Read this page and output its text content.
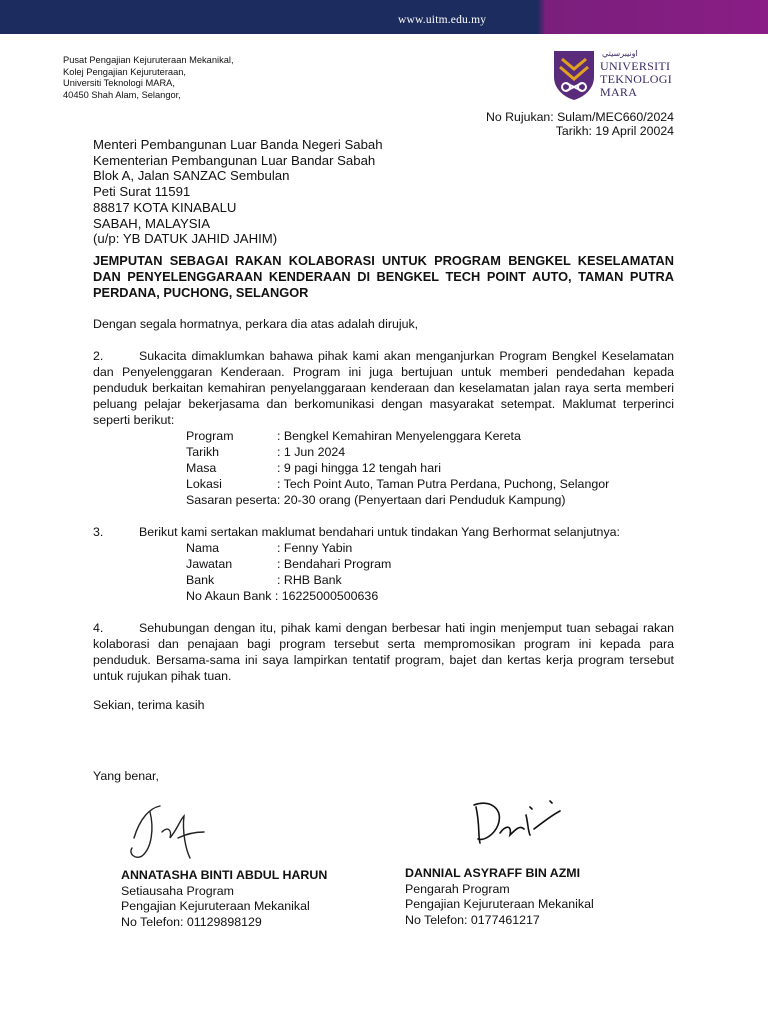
www.uitm.edu.my
Pusat Pengajian Kejuruteraan Mekanikal,
Kolej Pengajian Kejuruteraan,
Universiti Teknologi MARA,
40450 Shah Alam, Selangor,
ﺍﻭﻧﻴﺒﺮﺳﻴﺘﻲ
UNIVERSITI
TEKNOLOGI
MARA
No Rujukan: Sulam/MEC660/2024
Tarikh: 19 April 20024
Menteri Pembangunan Luar Banda Negeri Sabah
Kementerian Pembangunan Luar Bandar Sabah
Blok A, Jalan SANZAC Sembulan
Peti Surat 11591
88817 KOTA KINABALU
SABAH, MALAYSIA
(u/p: YB DATUK JAHID JAHIM)
JEMPUTAN SEBAGAI RAKAN KOLABORASI UNTUK PROGRAM BENGKEL KESELAMATAN DAN PENYELENGGARAAN KENDERAAN DI BENGKEL TECH POINT AUTO, TAMAN PUTRA PERDANA, PUCHONG, SELANGOR
Dengan segala hormatnya, perkara dia atas adalah dirujuk,
2.	Sukacita dimaklumkan bahawa pihak kami akan menganjurkan Program Bengkel Keselamatan dan Penyelenggaran Kenderaan. Program ini juga bertujuan untuk memberi pendedahan kepada penduduk berkaitan kemahiran penyelanggaraan kenderaan dan keselamatan jalan raya serta memberi peluang pelajar bekerjasama dan berkomunikasi dengan masyarakat setempat. Maklumat terperinci seperti berikut:
Program	: Bengkel Kemahiran Menyelenggara Kereta
Tarikh	: 1 Jun 2024
Masa	: 9 pagi hingga 12 tengah hari
Lokasi	: Tech Point Auto, Taman Putra Perdana, Puchong, Selangor
Sasaran peserta: 20-30 orang (Penyertaan dari Penduduk Kampung)
3.	Berikut kami sertakan maklumat bendahari untuk tindakan Yang Berhormat selanjutnya:
Nama	: Fenny Yabin
Jawatan	: Bendahari Program
Bank	: RHB Bank
No Akaun Bank : 16225000500636
4.	Sehubungan dengan itu, pihak kami dengan berbesar hati ingin menjemput tuan sebagai rakan kolaborasi dan penajaan bagi program tersebut serta mempromosikan program ini kepada para penduduk. Bersama-sama ini saya lampirkan tentatif program, bajet dan kertas kerja program tersebut untuk rujukan pihak tuan.
Sekian, terima kasih
Yang benar,
ANNATASHA BINTI ABDUL HARUN
Setiausaha Program
Pengajian Kejuruteraan Mekanikal
No Telefon: 01129898129
DANNIAL ASYRAFF BIN AZMI
Pengarah Program
Pengajian Kejuruteraan Mekanikal
No Telefon: 0177461217
